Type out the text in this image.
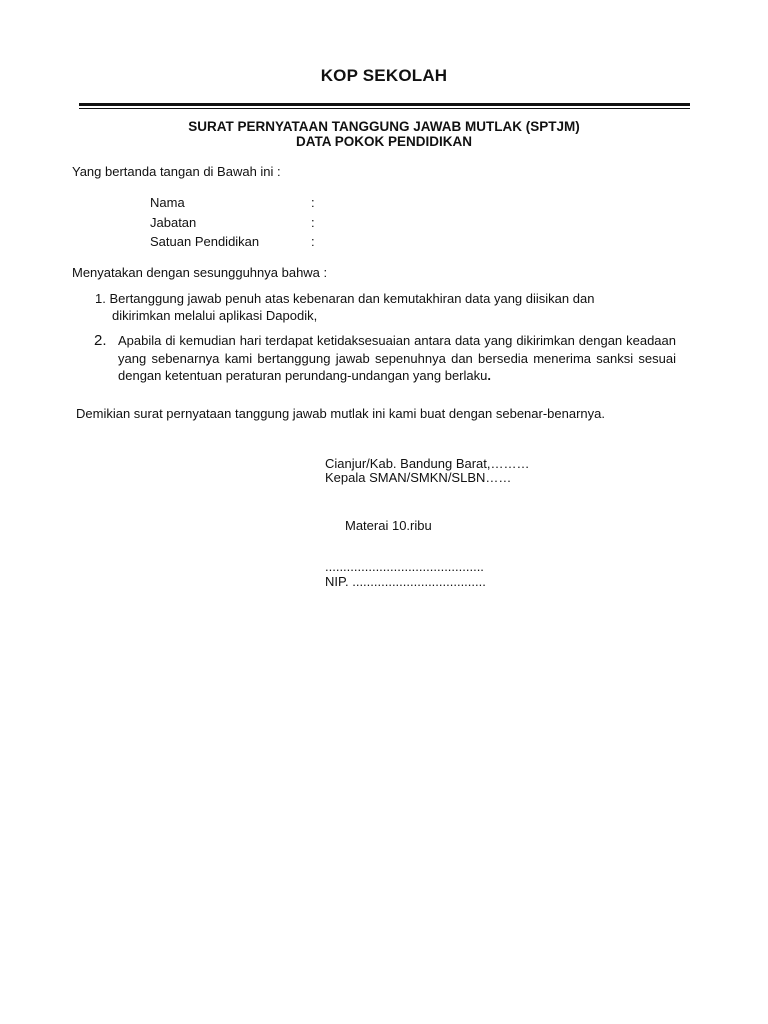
KOP SEKOLAH
SURAT PERNYATAAN TANGGUNG JAWAB MUTLAK (SPTJM)
DATA POKOK PENDIDIKAN
Yang bertanda tangan di Bawah ini :
Nama	:
Jabatan	:
Satuan Pendidikan	:
Menyatakan dengan sesungguhnya bahwa :
1. Bertanggung jawab penuh atas kebenaran dan kemutakhiran data yang diisikan dan
dikirimkan melalui aplikasi Dapodik,
2. Apabila di kemudian hari terdapat ketidaksesuaian antara data yang dikirimkan dengan keadaan yang sebenarnya kami bertanggung jawab sepenuhnya dan bersedia menerima sanksi sesuai dengan ketentuan peraturan perundang-undangan yang berlaku.
Demikian surat pernyataan tanggung jawab mutlak ini kami buat dengan sebenar-benarnya.
Cianjur/Kab. Bandung Barat,………
Kepala SMAN/SMKN/SLBN……
Materai 10.ribu
............................................
NIP. .....................................
